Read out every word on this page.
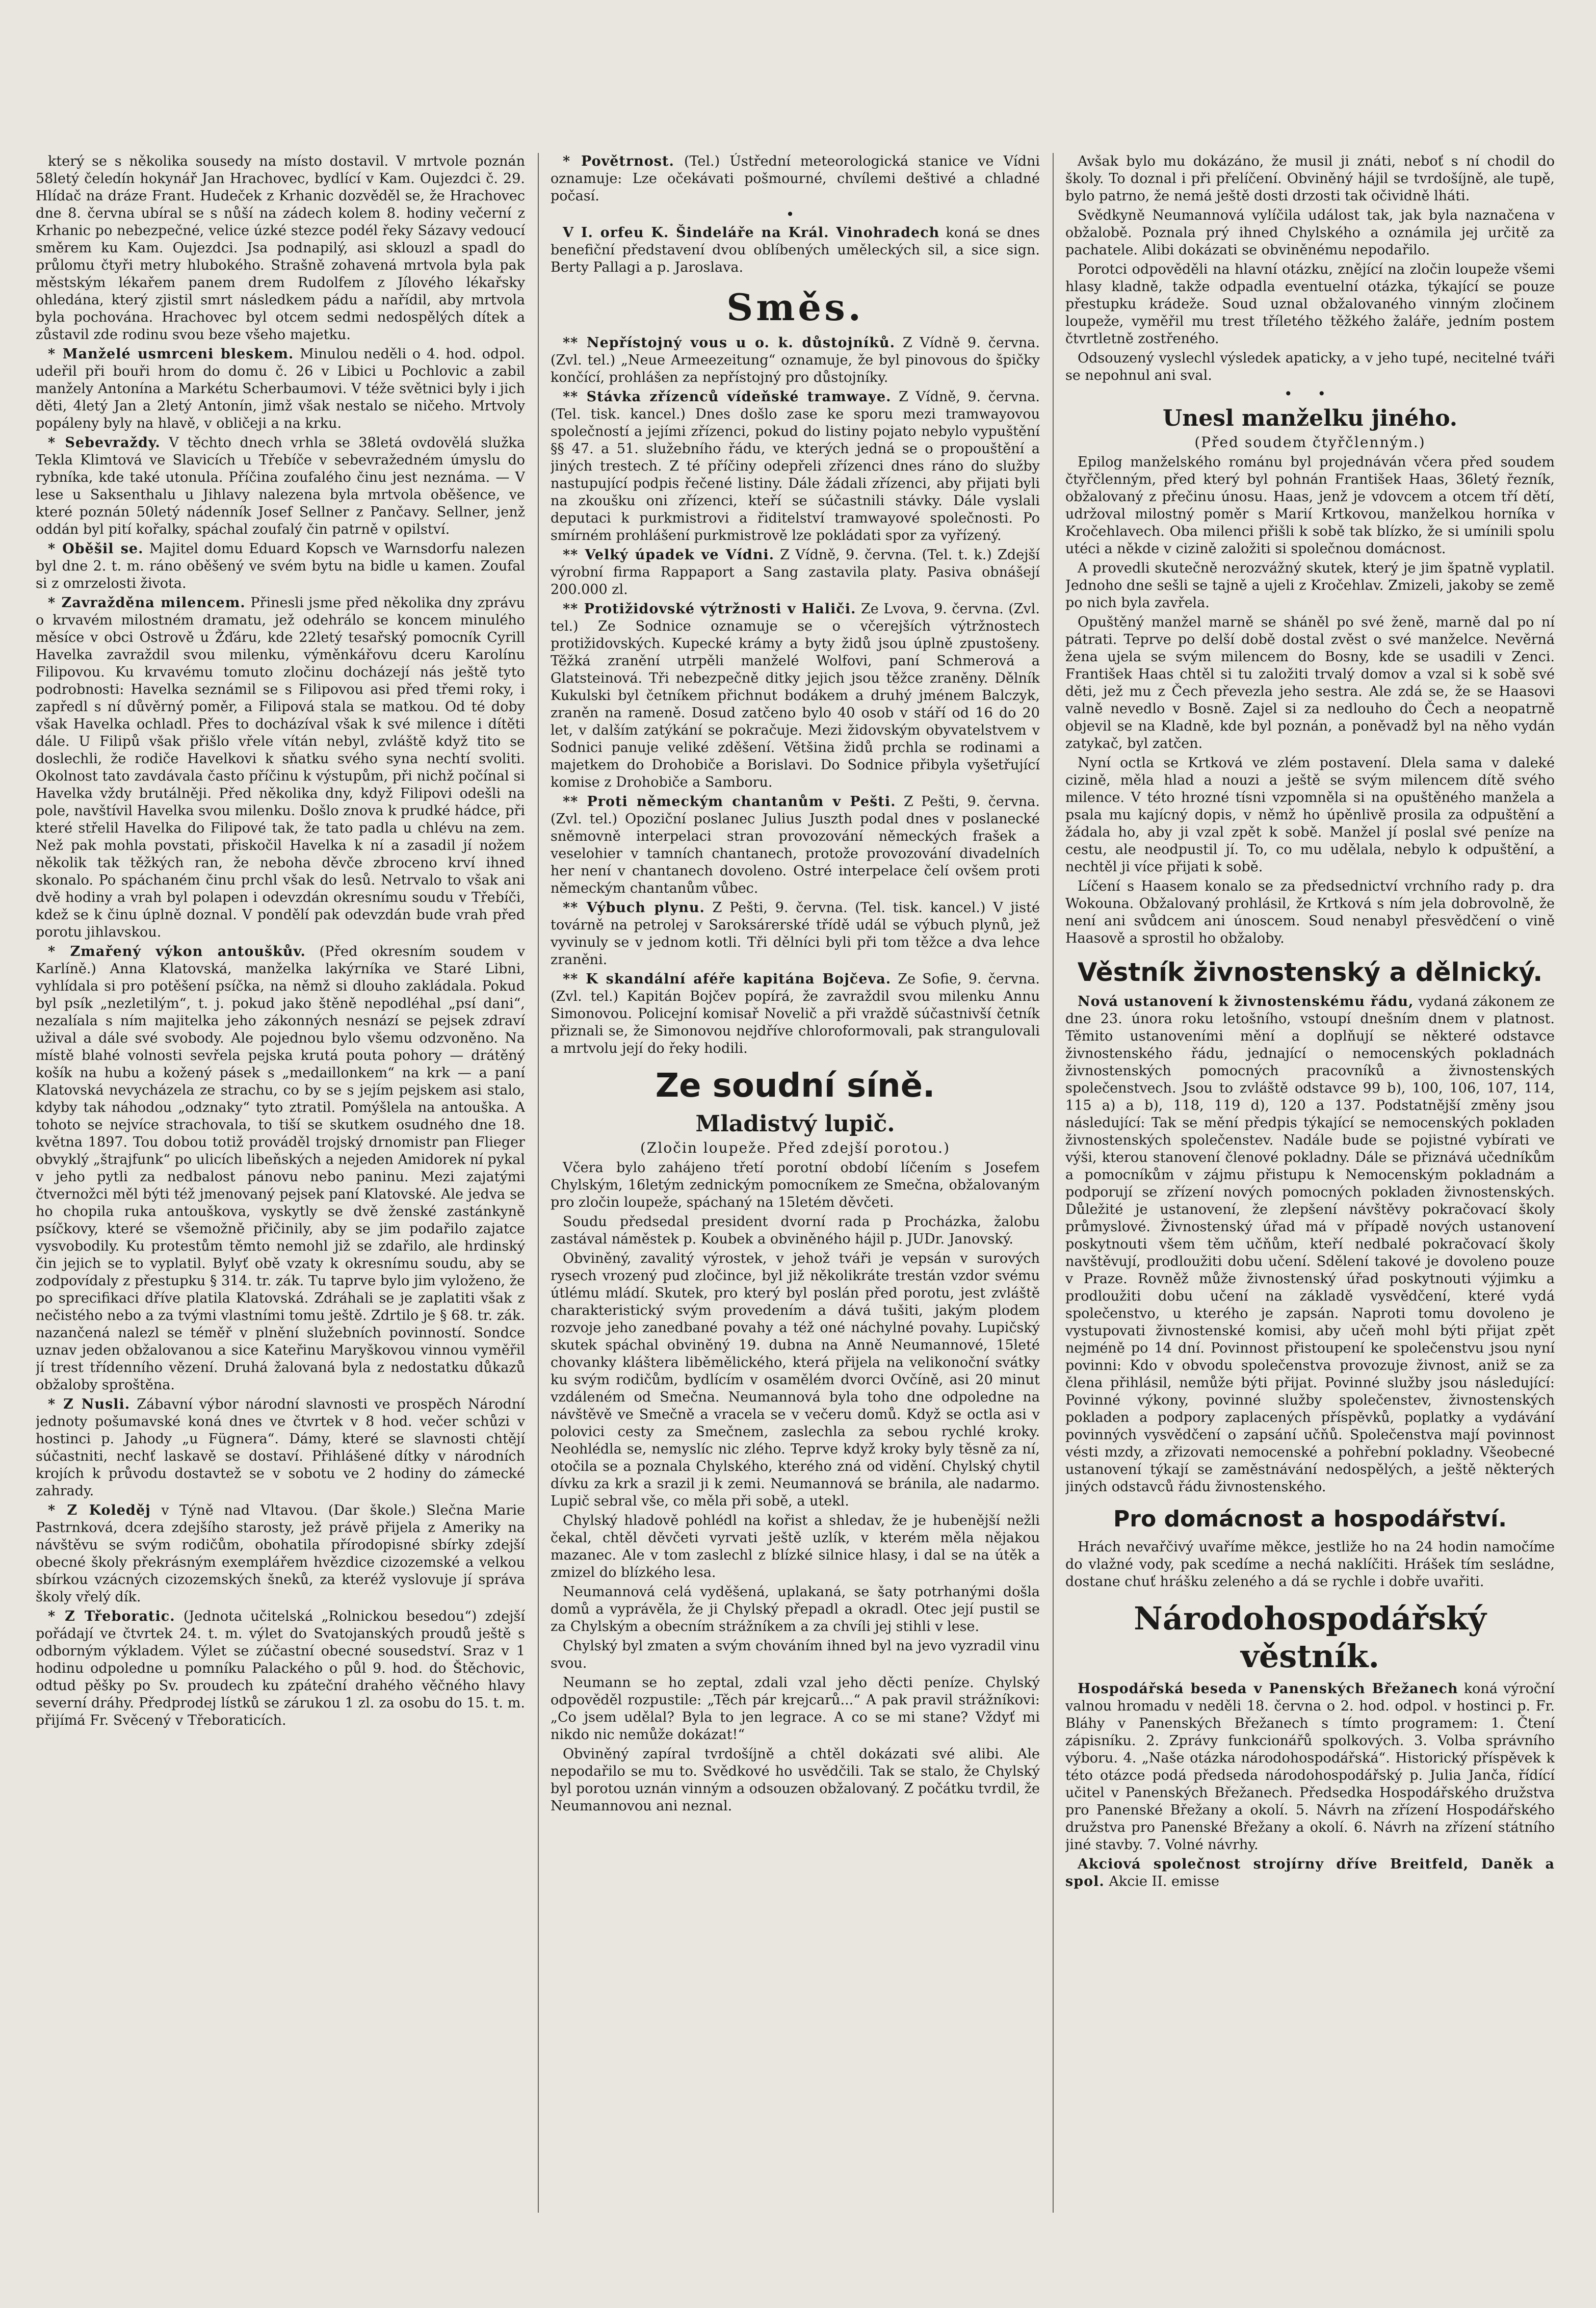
který se s několika sousedy na místo dostavil. V mrtvole poznán 58letý čeledín hokynář Jan Hrachovec, bydlící v Kam. Oujezdci č. 29. Hlídač na dráze Frant. Hudeček z Krhanic dozvěděl se, že Hrachovec dne 8. června ubíral se s nůší na zádech kolem 8. hodiny večerní z Krhanic po nebezpečné, velice úzké stezce podél řeky Sázavy vedoucí směrem ku Kam. Oujezdci. Jsa podnapilý, asi sklouzl a spadl do průlomu čtyři metry hlubokého. Strašně zohavená mrtvola byla pak městským lékařem panem drem Rudolfem z Jílového lékařsky ohledána, který zjistil smrt následkem pádu a nařídil, aby mrtvola byla pochována. Hrachovec byl otcem sedmi nedospělých dítek a zůstavil zde rodinu svou beze všeho majetku.

* Manželé usmrceni bleskem. Minulou neděli o 4. hod. odpol. udeřil při bouři hrom do domu č. 26 v Libici u Pochlovic a zabil manžely Antonína a Markétu Scherbaumovi. V téže světnici byly i jich děti, 4letý Jan a 2letý Antonín, jimž však nestalo se ničeho. Mrtvoly popáleny byly na hlavě, v obličeji a na krku.

* Sebevraždy. V těchto dnech vrhla se 38letá ovdovělá služka Tekla Klimtová ve Slavicích u Třebíče v sebevražedném úmyslu do rybníka, kde také utonula. Příčina zoufalého činu jest neznáma. — V lese u Saksenthalu u Jihlavy nalezena byla mrtvola oběšence, ve které poznán 50letý nádenník Josef Sellner z Pančavy. Sellner, jenž oddán byl pití kořalky, spáchal zoufalý čin patrně v opilství.

* Oběšil se. Majitel domu Eduard Kopsch ve Warnsdorfu nalezen byl dne 2. t. m. ráno oběšený ve svém bytu na bidle u kamen. Zoufal si z omrzelosti života.

* Zavražděna milencem. Přinesli jsme před několika dny zprávu o krvavém milostném dramatu, jež odehrálo se koncem minulého měsíce v obci Ostrově u Žďáru, kde 22letý tesařský pomocník Cyrill Havelka zavraždil svou milenku, výměnkářovu dceru Karolínu Filipovou. Ku krvavému tomuto zločinu docházejí nás ještě tyto podrobnosti: Havelka seznámil se s Filipovou asi před třemi roky, i zapředl s ní důvěrný poměr, a Filipová stala se matkou. Od té doby však Havelka ochladl. Přes to docházíval však k své milence i dítěti dále. U Filipů však přišlo vřele vítán nebyl, zvláště když tito se doslechli, že rodiče Havelkovi k sňatku svého syna nechtí svoliti. Okolnost tato zavdávala často příčinu k výstupům, při nichž počínal si Havelka vždy brutálněji. Před několika dny, když Filipovi odešli na pole, navštívil Havelka svou milenku. Došlo znova k prudké hádce, při které střelil Havelka do Filipové tak, že tato padla u chlévu na zem. Než pak mohla povstati, přiskočil Havelka k ní a zasadil jí nožem několik tak těžkých ran, že neboha děvče zbroceno krví ihned skonalo. Po spáchaném činu prchl však do lesů. Netrvalo to však ani dvě hodiny a vrah byl polapen i odevzdán okresnímu soudu v Třebíči, kdež se k činu úplně doznal. V pondělí pak odevzdán bude vrah před porotu jihlavskou.

* Zmařený výkon antouškův. (Před okresním soudem v Karlíně.) Anna Klatovská, manželka lakýrníka ve Staré Libni, vyhlídala si pro potěšení psíčka, na němž si dlouho zakládala. Pokud byl psík „nezletilým“, t. j. pokud jako štěně nepodléhal „psí dani“, nezalíala s ním majitelka jeho zákonných nesnází se pejsek zdraví užival a dále své svobody. Ale pojednou bylo všemu odzvoněno. Na místě blahé volnosti sevřela pejska krutá pouta pohory — drátěný košík na hubu a kožený pásek s „medaillonkem“ na krk — a paní Klatovská nevycházela ze strachu, co by se s jejím pejskem asi stalo, kdyby tak náhodou „odznaky“ tyto ztratil. Pomýšlela na antouška. A tohoto se nejvíce strachovala, to tiší se skutkem osudného dne 18. května 1897. Tou dobou totiž prováděl trojský drnomistr pan Flieger obvyklý „štrajfunk“ po ulicích libeňských a nejeden Amidorek ní pykal v jeho pytli za nedbalost pánovu nebo paninu. Mezi zajatými čtvernožci měl býti též jmenovaný pejsek paní Klatovské. Ale jedva se ho chopila ruka antouškova, vyskytly se dvě ženské zastánkyně psíčkovy, které se všemožně přičinily, aby se jim podařilo zajatce vysvobodily. Ku protestům těmto nemohl již se zdařilo, ale hrdinský čin jejich se to vyplatil. Bylyť obě vzaty k okresnímu soudu, aby se zodpovídaly z přestupku § 314. tr. zák. Tu taprve bylo jim vyloženo, že po sprecifikaci dříve platila Klatovská. Zdráhali se je zaplatiti však z nečistého nebo a za tvými vlastními tomu ještě. Zdrtilo je § 68. tr. zák. nazančená nalezl se téměř v plnění služebních povinností. Sondce uznav jeden obžalovanou a sice Kateřinu Maryškovou vinnou vyměřil jí trest třídenního vězení. Druhá žalovaná byla z nedostatku důkazů obžaloby sproštěna.

* Z Nusli. Zábavní výbor národní slavnosti ve prospěch Národní jednoty pošumavské koná dnes ve čtvrtek v 8 hod. večer schůzi v hostinci p. Jahody „u Fügnera“. Dámy, které se slavnosti chtějí súčastniti, nechť laskavě se dostaví. Přihlášené dítky v národních krojích k průvodu dostavtež se v sobotu ve 2 hodiny do zámecké zahrady.

* Z Koleděj v Týně nad Vltavou. (Dar škole.) Slečna Marie Pastrnková, dcera zdejšího starosty, jež právě přijela z Ameriky na návštěvu se svým rodičům, obohatila přírodopisné sbírky zdejší obecné školy překrásným exemplářem hvězdice cizozemské a velkou sbírkou vzácných cizozemských šneků, za kteréž vyslovuje jí správa školy vřelý dík.

* Z Třeboratic. (Jednota učitelská „Rolnickou besedou“) zdejší pořádají ve čtvrtek 24. t. m. výlet do Svatojanských proudů ještě s odborným výkladem. Výlet se zúčastní obecné sousedství. Sraz v 1 hodinu odpoledne u pomníku Palackého o půl 9. hod. do Štěchovic, odtud pěšky po Sv. proudech ku zpáteční drahého věčného hlavy severní dráhy. Předprodej lístků se zárukou 1 zl. za osobu do 15. t. m. přijímá Fr. Svěcený v Třeboraticích.

* Povětrnost. (Tel.) Ústřední meteorologická stanice ve Vídni oznamuje: Lze očekávati pošmourné, chvílemi deštivé a chladné počasí.

•

V I. orfeu K. Šindeláře na Král. Vinohradech koná se dnes benefiční představení dvou oblíbených uměleckých sil, a sice sign. Berty Pallagi a p. Jaroslava.

Směs.

** Nepřístojný vous u o. k. důstojníků. Z Vídně 9. června. (Zvl. tel.) „Neue Armeezeitung“ oznamuje, že byl pinovous do špičky končící, prohlášen za nepřístojný pro důstojníky.

** Stávka zřízenců vídeňské tramwaye. Z Vídně, 9. června. (Tel. tisk. kancel.) Dnes došlo zase ke sporu mezi tramwayovou společností a jejími zřízenci, pokud do listiny pojato nebylo vypuštění §§ 47. a 51. služebního řádu, ve kterých jedná se o propouštění a jiných trestech. Z té příčiny odepřeli zřízenci dnes ráno do služby nastupující podpis řečené listiny. Dále žádali zřízenci, aby přijati byli na zkoušku oni zřízenci, kteří se súčastnili stávky. Dále vyslali deputaci k purkmistrovi a řiditelství tramwayové společnosti. Po smírném prohlášení purkmistrově lze pokládati spor za vyřízený.

** Velký úpadek ve Vídni. Z Vídně, 9. června. (Tel. t. k.) Zdejší výrobní firma Rappaport a Sang zastavila platy. Pasiva obnášejí 200.000 zl.

** Protižidovské výtržnosti v Haliči. Ze Lvova, 9. června. (Zvl. tel.) Ze Sodnice oznamuje se o včerejších výtržnostech protižidovských. Kupecké krámy a byty židů jsou úplně zpustošeny. Těžká zranění utrpěli manželé Wolfovi, paní Schmerová a Glatsteinová. Tři nebezpečně ditky jejich jsou těžce zraněny. Dělník Kukulski byl četníkem přichnut bodákem a druhý jménem Balczyk, zraněn na rameně. Dosud zatčeno bylo 40 osob v stáří od 16 do 20 let, v dalším zatýkání se pokračuje. Mezi židovským obyvatelstvem v Sodnici panuje veliké zděšení. Většina židů prchla se rodinami a majetkem do Drohobiče a Borislavi. Do Sodnice přibyla vyšetřující komise z Drohobiče a Samboru.

** Proti německým chantanům v Pešti. Z Pešti, 9. června. (Zvl. tel.) Opoziční poslanec Julius Juszth podal dnes v poslanecké sněmovně interpelaci stran provozování německých frašek a veselohier v tamních chantanech, protože provozování divadelních her není v chantanech dovoleno. Ostré interpelace čelí ovšem proti německým chantanům vůbec.

** Výbuch plynu. Z Pešti, 9. června. (Tel. tisk. kancel.) V jisté továrně na petrolej v Saroksárerské třídě udál se výbuch plynů, jež vyvinuly se v jednom kotli. Tři dělníci byli při tom těžce a dva lehce zraněni.

** K skandální aféře kapitána Bojčeva. Ze Sofie, 9. června. (Zvl. tel.) Kapitán Bojčev popírá, že zavraždil svou milenku Annu Simonovou. Policejní komisař Novelič a při vraždě súčastnivší četník přiznali se, že Simonovou nejdříve chloroformovali, pak strangulovali a mrtvolu její do řeky hodili.

Ze soudní síně.
Mladistvý lupič.

(Zločin loupeže. Před zdejší porotou.)

Včera bylo zahájeno třetí porotní období líčením s Josefem Chylským, 16letým zednickým pomocníkem ze Smečna, obžalovaným pro zločin loupeže, spáchaný na 15letém děvčeti.

Soudu předsedal president dvorní rada p Procházka, žalobu zastával náměstek p. Koubek a obviněného hájil p. JUDr. Janovský.

Obviněný, zavalitý výrostek, v jehož tváři je vepsán v surových rysech vrozený pud zločince, byl již několikráte trestán vzdor svému útlému mládí. Skutek, pro který byl poslán před porotu, jest zvláště charakteristický svým provedením a dává tušiti, jakým plodem rozvoje jeho zanedbané povahy a též oné náchylné povahy. Lupičský skutek spáchal obviněný 19. dubna na Anně Neumannové, 15leté chovanky kláštera liběmělického, která přijela na velikonoční svátky ku svým rodičům, bydlícím v osamělém dvorci Ovčíně, asi 20 minut vzdáleném od Smečna. Neumannová byla toho dne odpoledne na návštěvě ve Smečně a vracela se v večeru domů. Když se octla asi v polovici cesty za Smečnem, zaslechla za sebou rychlé kroky. Neohlédla se, nemyslíc nic zlého. Teprve když kroky byly těsně za ní, otočila se a poznala Chylského, kterého zná od vidění. Chylský chytil dívku za krk a srazil ji k zemi. Neumannová se bránila, ale nadarmo. Lupič sebral vše, co měla při sobě, a utekl.

Chylský hladově pohlédl na kořist a shledav, že je hubenější nežli čekal, chtěl děvčeti vyrvati ještě uzlík, v kterém měla nějakou mazanec. Ale v tom zaslechl z blízké silnice hlasy, i dal se na útěk a zmizel do blízkého lesa.

Neumannová celá vyděšená, uplakaná, se šaty potrhanými došla domů a vyprávěla, že ji Chylský přepadl a okradl. Otec její pustil se za Chylským a obecním strážníkem a za chvíli jej stihli v lese.

Chylský byl zmaten a svým chováním ihned byl na jevo vyzradil vinu svou.

Neumann se ho zeptal, zdali vzal jeho děcti peníze. Chylský odpověděl rozpustile: „Těch pár krejcarů...“ A pak pravil strážníkovi: „Co jsem udělal? Byla to jen legrace. A co se mi stane? Vždyť mi nikdo nic nemůže dokázat!“

Obviněný zapíral tvrdošíjně a chtěl dokázati své alibi. Ale nepodařilo se mu to. Svědkové ho usvědčili. Tak se stalo, že Chylský byl porotou uznán vinným a odsouzen obžalovaný. Z počátku tvrdil, že Neumannovou ani neznal.

Avšak bylo mu dokázáno, že musil ji znáti, neboť s ní chodil do školy. To doznal i při přelíčení. Obviněný hájil se tvrdošíjně, ale tupě, bylo patrno, že nemá ještě dosti drzosti tak očividně lháti.

Svědkyně Neumannová vylíčila událost tak, jak byla naznačena v obžalobě. Poznala prý ihned Chylského a oznámila jej určitě za pachatele. Alibi dokázati se obviněnému nepodařilo.

Porotci odpověděli na hlavní otázku, znějící na zločin loupeže všemi hlasy kladně, takže odpadla eventuelní otázka, týkající se pouze přestupku krádeže. Soud uznal obžalovaného vinným zločinem loupeže, vyměřil mu trest tříletého těžkého žaláře, jedním postem čtvrtletně zostřeného.

Odsouzený vyslechl výsledek apaticky, a v jeho tupé, necitelné tváři se nepohnul ani sval.

• •

Unesl manželku jiného.

(Před soudem čtyřčlenným.)

Epilog manželského románu byl projednáván včera před soudem čtyřčlenným, před který byl pohnán František Haas, 36letý řezník, obžalovaný z přečinu únosu. Haas, jenž je vdovcem a otcem tří dětí, udržoval milostný poměr s Marií Krtkovou, manželkou horníka v Kročehlavech. Oba milenci přišli k sobě tak blízko, že si umínili spolu utéci a někde v cizině založiti si společnou domácnost.

A provedli skutečně nerozvážný skutek, který je jim špatně vyplatil. Jednoho dne sešli se tajně a ujeli z Kročehlav. Zmizeli, jakoby se země po nich byla zavřela.

Opuštěný manžel marně se sháněl po své ženě, marně dal po ní pátrati. Teprve po delší době dostal zvěst o své manželce. Nevěrná žena ujela se svým milencem do Bosny, kde se usadili v Zenci. František Haas chtěl si tu založiti trvalý domov a vzal si k sobě své děti, jež mu z Čech převezla jeho sestra. Ale zdá se, že se Haasovi valně nevedlo v Bosně. Zajel si za nedlouho do Čech a neopatrně objevil se na Kladně, kde byl poznán, a poněvadž byl na něho vydán zatykač, byl zatčen.

Nyní octla se Krtková ve zlém postavení. Dlela sama v daleké cizině, měla hlad a nouzi a ještě se svým milencem dítě svého milence. V této hrozné tísni vzpomněla si na opuštěného manžela a psala mu kajícný dopis, v němž ho úpěnlivě prosila za odpuštění a žádala ho, aby ji vzal zpět k sobě. Manžel jí poslal své peníze na cestu, ale neodpustil jí. To, co mu udělala, nebylo k odpuštění, a nechtěl ji více přijati k sobě.

Líčení s Haasem konalo se za předsednictví vrchního rady p. dra Wokouna. Obžalovaný prohlásil, že Krtková s ním jela dobrovolně, že není ani svůdcem ani únoscem. Soud nenabyl přesvědčení o vině Haasově a sprostil ho obžaloby.

Věstník živnostenský a dělnický.

Nová ustanovení k živnostenskému řádu, vydaná zákonem ze dne 23. února roku letošního, vstoupí dnešním dnem v platnost. Těmito ustanoveními mění a doplňují se některé odstavce živnostenského řádu, jednající o nemocenských pokladnách živnostenských pomocných pracovníků a živnostenských společenstvech. Jsou to zvláště odstavce 99 b), 100, 106, 107, 114, 115 a) a b), 118, 119 d), 120 a 137. Podstatnější změny jsou následující: Tak se mění předpis týkající se nemocenských pokladen živnostenských společenstev. Nadále bude se pojistné vybírati ve výši, kterou stanovení členové pokladny. Dále se přiznává učedníkům a pomocníkům v zájmu přistupu k Nemocenským pokladnám a podporují se zřízení nových pomocných pokladen živnostenských. Důležité je ustanovení, že zlepšení návštěvy pokračovací školy průmyslové. Živnostenský úřad má v případě nových ustanovení poskytnouti všem těm učňům, kteří nedbalé pokračovací školy navštěvují, prodloužiti dobu učení. Sdělení takové je dovoleno pouze v Praze. Rovněž může živnostenský úřad poskytnouti výjimku a prodloužiti dobu učení na základě vysvědčení, které vydá společenstvo, u kterého je zapsán. Naproti tomu dovoleno je vystupovati živnostenské komisi, aby učeň mohl býti přijat zpět nejméně po 14 dní. Povinnost přistoupení ke společenstvu jsou nyní povinni: Kdo v obvodu společenstva provozuje živnost, aniž se za člena přihlásil, nemůže býti přijat. Povinné služby jsou následující: Povinné výkony, povinné služby společenstev, živnostenských pokladen a podpory zaplacených příspěvků, poplatky a vydávání povinných vysvědčení o zapsání učňů. Společenstva mají povinnost vésti mzdy, a zřizovati nemocenské a pohřební pokladny. Všeobecné ustanovení týkají se zaměstnávání nedospělých, a ještě některých jiných odstavců řádu živnostenského.

Pro domácnost a hospodářství.

Hrách nevařčivý uvaříme měkce, jestliže ho na 24 hodin namočíme do vlažné vody, pak scedíme a nechá naklíčiti. Hrášek tím sesládne, dostane chuť hrášku zeleného a dá se rychle i dobře uvařiti.

Národohospodářský věstník.

Hospodářská beseda v Panenských Břežanech koná výroční valnou hromadu v neděli 18. června o 2. hod. odpol. v hostinci p. Fr. Bláhy v Panenských Břežanech s tímto programem: 1. Čtení zápisníku. 2. Zprávy funkcionářů spolkových. 3. Volba správního výboru. 4. „Naše otázka národohospodářská“. Historický příspěvek k této otázce podá předseda národohospodářský p. Julia Janča, řídící učitel v Panenských Břežanech. Předsedka Hospodářského družstva pro Panenské Břežany a okolí. 5. Návrh na zřízení Hospodářského družstva pro Panenské Břežany a okolí. 6. Návrh na zřízení státního jiné stavby. 7. Volné návrhy.

Akciová společnost strojírny dříve Breitfeld, Daněk a spol. Akcie II. emisse
